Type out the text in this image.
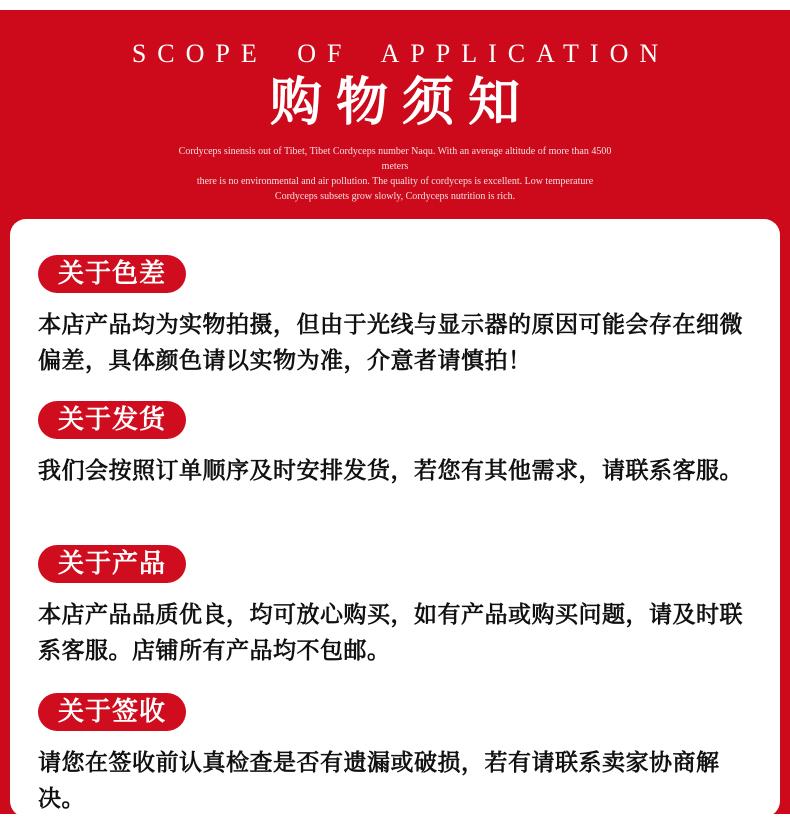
SCOPE OF APPLICATION
购物须知
Cordyceps sinensis out of Tibet, Tibet Cordyceps number Naqu. With an average altitude of more than 4500 meters
there is no environmental and air pollution. The quality of cordyceps is excellent. Low temperature
Cordyceps subsets grow slowly, Cordyceps nutrition is rich.
关于色差

本店产品均为实物拍摄，但由于光线与显示器的原因可能会存在细微偏差，具体颜色请以实物为准，介意者请慎拍！

关于发货

我们会按照订单顺序及时安排发货，若您有其他需求，请联系客服。

关于产品

本店产品品质优良，均可放心购买，如有产品或购买问题，请及时联系客服。店铺所有产品均不包邮。

关于签收

请您在签收前认真检查是否有遗漏或破损，若有请联系卖家协商解决。
